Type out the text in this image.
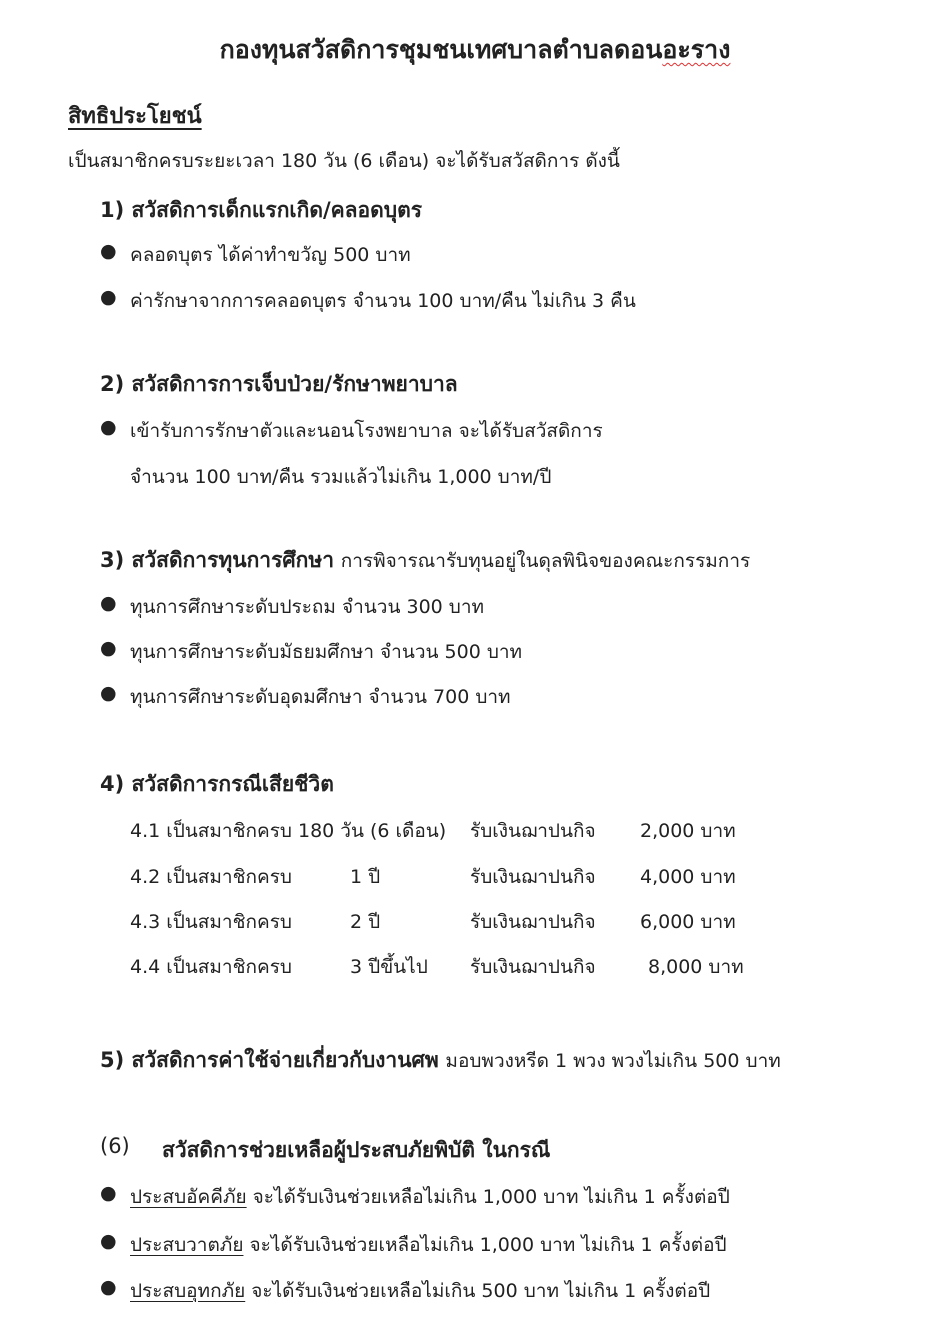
กองทุนสวัสดิการชุมชนเทศบาลตำบลดอนอะราง
สิทธิประโยชน์
เป็นสมาชิกครบระยะเวลา 180 วัน (6 เดือน) จะได้รับสวัสดิการ ดังนี้
1) สวัสดิการเด็กแรกเกิด/คลอดบุตร
● คลอดบุตร ได้ค่าทำขวัญ 500 บาท
● ค่ารักษาจากการคลอดบุตร จำนวน 100 บาท/คืน ไม่เกิน 3 คืน
2) สวัสดิการการเจ็บป่วย/รักษาพยาบาล
● เข้ารับการรักษาตัวและนอนโรงพยาบาล จะได้รับสวัสดิการ
จำนวน 100 บาท/คืน รวมแล้วไม่เกิน 1,000 บาท/ปี
3) สวัสดิการทุนการศึกษา การพิจารณารับทุนอยู่ในดุลพินิจของคณะกรรมการ
● ทุนการศึกษาระดับประถม จำนวน 300 บาท
● ทุนการศึกษาระดับมัธยมศึกษา จำนวน 500 บาท
● ทุนการศึกษาระดับอุดมศึกษา จำนวน 700 บาท
4) สวัสดิการกรณีเสียชีวิต
4.1 เป็นสมาชิกครบ 180 วัน (6 เดือน) รับเงินฌาปนกิจ 2,000 บาท
4.2 เป็นสมาชิกครบ	1 ปี	รับเงินฌาปนกิจ 4,000 บาท
4.3 เป็นสมาชิกครบ	2 ปี	รับเงินฌาปนกิจ 6,000 บาท
4.4 เป็นสมาชิกครบ	3 ปีขึ้นไป รับเงินฌาปนกิจ	8,000 บาท
5) สวัสดิการค่าใช้จ่ายเกี่ยวกับงานศพ มอบพวงหรีด 1 พวง พวงไม่เกิน 500 บาท
(6) สวัสดิการช่วยเหลือผู้ประสบภัยพิบัติ ในกรณี
● ประสบอัคคีภัย จะได้รับเงินช่วยเหลือไม่เกิน 1,000 บาท ไม่เกิน 1 ครั้งต่อปี
● ประสบวาตภัย จะได้รับเงินช่วยเหลือไม่เกิน 1,000 บาท ไม่เกิน 1 ครั้งต่อปี
● ประสบอุทกภัย จะได้รับเงินช่วยเหลือไม่เกิน 500 บาท ไม่เกิน 1 ครั้งต่อปี
